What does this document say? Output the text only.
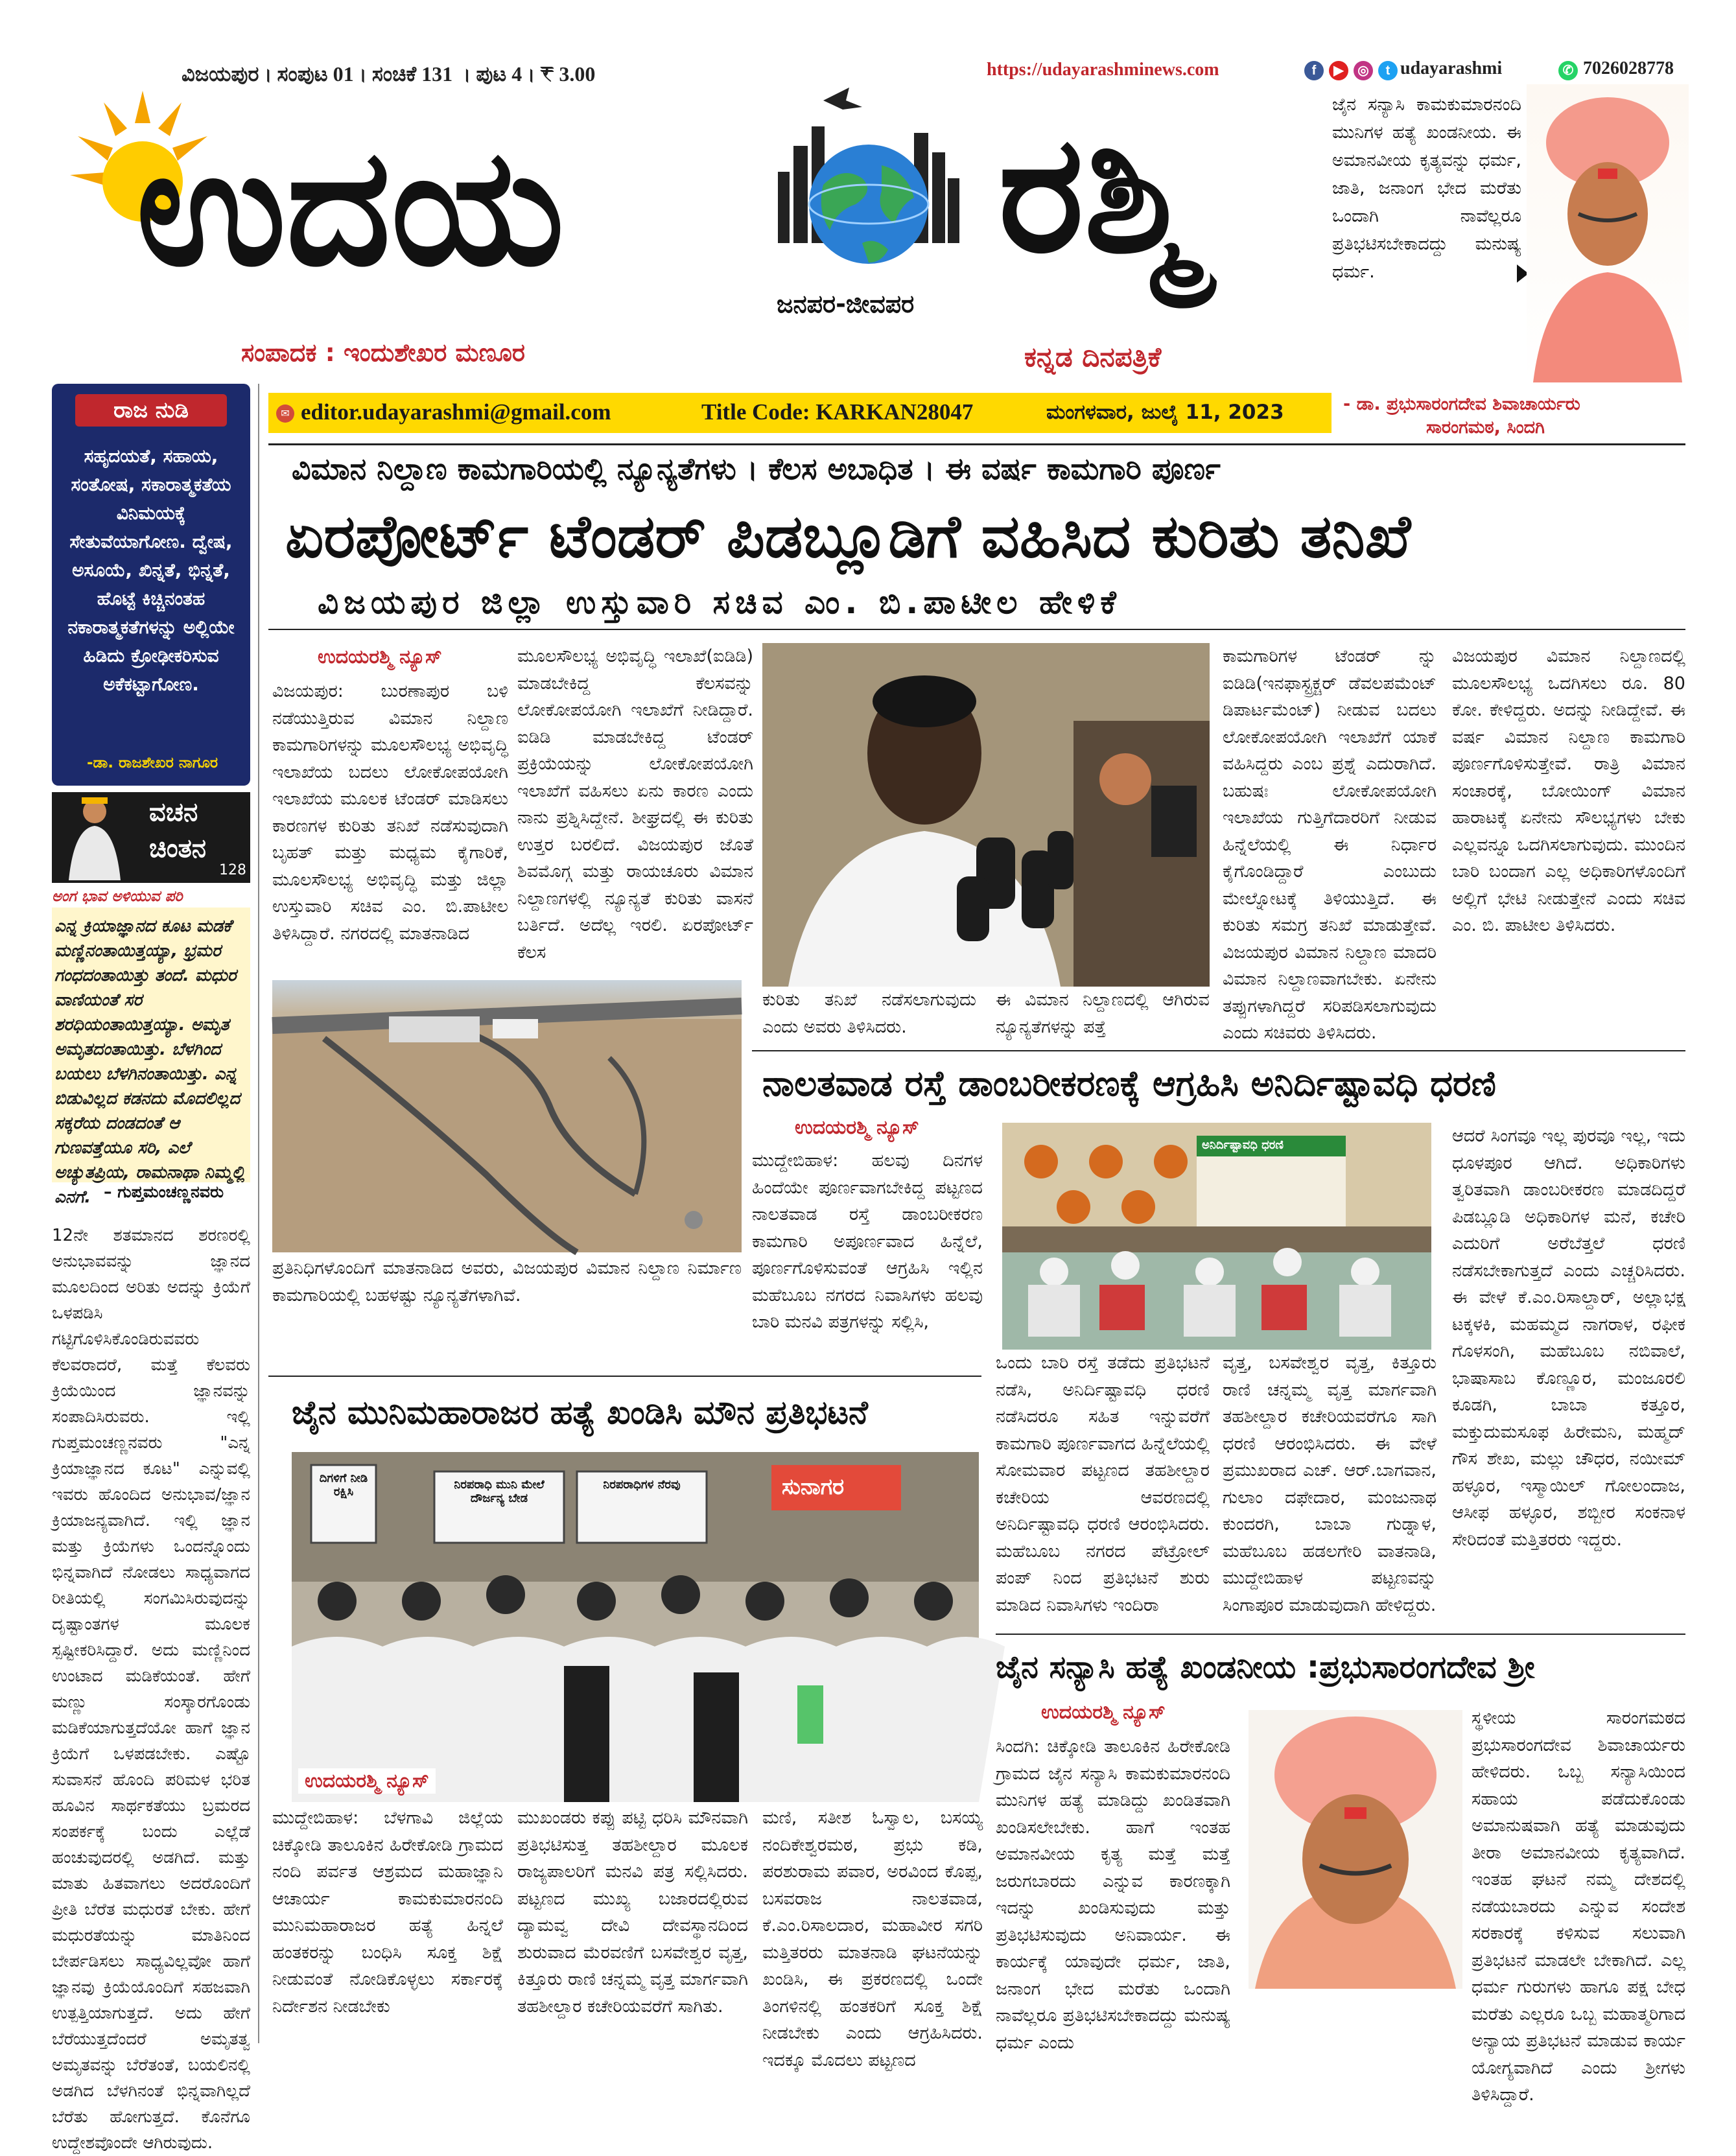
ವಿಜಯಪುರ । ಸಂಪುಟ 01 । ಸಂಚಿಕೆ 131  । ಪುಟ 4 । ₹ 3.00	https://udayarashminews.com	f	▶	◎	t udayarashmi	✆ 7026028778
ಉದಯ	ರಶ್ಮಿ
ಜನಪರ-ಜೀವಪರ
ಸಂಪಾದಕ : ಇಂದುಶೇಖರ ಮಣೂರ	ಕನ್ನಡ ದಿನಪತ್ರಿಕೆ
ಜೈನ ಸನ್ಯಾಸಿ ಕಾಮಕುಮಾರನಂದಿ ಮುನಿಗಳ ಹತ್ಯೆ ಖಂಡನೀಯ. ಈ ಅಮಾನವೀಯ ಕೃತ್ಯವನ್ನು ಧರ್ಮ, ಜಾತಿ, ಜನಾಂಗ ಭೇದ ಮರೆತು ಒಂದಾಗಿ ನಾವೆಲ್ಲರೂ ಪ್ರತಿಭಟಿಸಬೇಕಾದದ್ದು ಮನುಷ್ಯ ಧರ್ಮ.
- ಡಾ. ಪ್ರಭುಸಾರಂಗದೇವ ಶಿವಾಚಾರ್ಯರು
ಸಾರಂಗಮಠ, ಸಿಂದಗಿ
✉ editor.udayarashmi@gmail.com	Title Code: KARKAN28047	ಮಂಗಳವಾರ, ಜುಲೈ 11, 2023
ರಾಜ ನುಡಿ
ಸಹೃದಯತೆ, ಸಹಾಯ, ಸಂತೋಷ, ಸಕಾರಾತ್ಮಕತೆಯ ವಿನಿಮಯಕ್ಕೆ ಸೇತುವೆಯಾಗೋಣ. ದ್ವೇಷ, ಅಸೂಯೆ, ಖಿನ್ನತೆ, ಭಿನ್ನತೆ, ಹೊಟ್ಟೆ ಕಿಚ್ಚಿನಂತಹ ನಕಾರಾತ್ಮಕತೆಗಳನ್ನು ಅಲ್ಲಿಯೇ ಹಿಡಿದು ಕ್ರೋಢೀಕರಿಸುವ ಅಕೆಕಟ್ಟಾಗೋಣ.
-ಡಾ. ರಾಜಶೇಖರ ನಾಗೂರ
ವಚನ
ಚಿಂತನ
128
ಅಂಗ ಭಾವ ಅಳಿಯುವ ಪರಿ
ಎನ್ನ ಕ್ರಿಯಾಜ್ಞಾನದ ಕೂಟ ಮಡಕೆ ಮಣ್ಣಿನಂತಾಯಿತ್ತಯ್ಯಾ, ಭ್ರಮರ ಗಂಧದಂತಾಯಿತ್ತು ತಂದೆ. ಮಧುರ ವಾಣಿಯಂತೆ ಸರ ಶರಧಿಯಂತಾಯಿತ್ತಯ್ಯಾ. ಅಮೃತ ಅಮೃತದಂತಾಯಿತ್ತು. ಬೆಳಗಿಂದ ಬಯಲು ಬೆಳಗಿನಂತಾಯಿತ್ತು. ಎನ್ನ ಬಿಡುವಿಲ್ಲದ ಕಡನದು ಮೊದಲಿಲ್ಲದ ಸಕ್ಕರೆಯ ದಂಡದಂತೆ ಆ ಗುಣವತ್ತೆಯೂ ಸರಿ, ಎಲೆ ಅಚ್ಯುತಪ್ರಿಯ, ರಾಮನಾಥಾ ನಿಮ್ಮಲ್ಲಿ ಎನಗೆ. – ಗುಪ್ತಮಂಚಣ್ಣನವರು
12ನೇ ಶತಮಾನದ ಶರಣರಲ್ಲಿ ಅನುಭಾವವನ್ನು ಜ್ಞಾನದ ಮೂಲದಿಂದ ಅರಿತು ಅದನ್ನು ಕ್ರಿಯೆಗೆ ಒಳಪಡಿಸಿ ಗಟ್ಟಿಗೊಳಿಸಿಕೊಂಡಿರುವವರು ಕೆಲವರಾದರೆ, ಮತ್ತೆ ಕೆಲವರು ಕ್ರಿಯೆಯಿಂದ ಜ್ಞಾನವನ್ನು ಸಂಪಾದಿಸಿರುವರು. ಇಲ್ಲಿ ಗುಪ್ತಮಂಚಣ್ಣನವರು "ಎನ್ನ ಕ್ರಿಯಾಜ್ಞಾನದ ಕೂಟ" ಎನ್ನುವಲ್ಲಿ ಇವರು ಹೊಂದಿದ ಅನುಭಾವ/ಜ್ಞಾನ ಕ್ರಿಯಾಜನ್ಯವಾಗಿದೆ. ಇಲ್ಲಿ ಜ್ಞಾನ ಮತ್ತು ಕ್ರಿಯೆಗಳು ಒಂದನ್ನೊಂದು ಭಿನ್ನವಾಗಿದೆ ನೋಡಲು ಸಾಧ್ಯವಾಗದ ರೀತಿಯಲ್ಲಿ ಸಂಗಮಿಸಿರುವುದನ್ನು ದೃಷ್ಟಾಂತಗಳ ಮೂಲಕ ಸ್ಪಷ್ಟೀಕರಿಸಿದ್ದಾರೆ. ಅದು ಮಣ್ಣಿನಿಂದ ಉಂಟಾದ ಮಡಿಕೆಯಂತೆ. ಹೇಗೆ ಮಣ್ಣು ಸಂಸ್ಕಾರಗೊಂಡು ಮಡಿಕೆಯಾಗುತ್ತದೆಯೋ ಹಾಗೆ ಜ್ಞಾನ ಕ್ರಿಯೆಗೆ ಒಳಪಡಬೇಕು. ಎಷ್ಟೊ ಸುವಾಸನೆ ಹೊಂದಿ ಪರಿಮಳ ಭರಿತ ಹೂವಿನ ಸಾರ್ಥಕತೆಯು ಬ್ರಮರದ ಸಂಪರ್ಕಕ್ಕೆ ಬಂದು ಎಲ್ಲೆಡೆ ಹಂಚುವುದರಲ್ಲಿ ಅಡಗಿದೆ. ಮತ್ತು ಮಾತು ಹಿತವಾಗಲು ಅದರೊಂದಿಗೆ ಪ್ರೀತಿ ಬೆರೆತ ಮಧುರತೆ ಬೇಕು. ಹೇಗೆ ಮಧುರತೆಯನ್ನು ಮಾತಿನಿಂದ ಬೇರ್ಪಡಿಸಲು ಸಾಧ್ಯವಿಲ್ಲವೋ ಹಾಗೆ ಜ್ಞಾನವು ಕ್ರಿಯೆಯೊಂದಿಗೆ ಸಹಜವಾಗಿ ಉತ್ಪತ್ತಿಯಾಗುತ್ತದೆ. ಅದು ಹೇಗೆ ಬೆರೆಯುತ್ತದೆಂದರೆ ಅಮೃತತ್ವ ಅಮೃತವನ್ನು ಬೆರೆತಂತೆ, ಬಯಲಿನಲ್ಲಿ ಅಡಗಿದ ಬೆಳಗಿನಂತೆ ಭಿನ್ನವಾಗಿಲ್ಲದೆ ಬೆರೆತು ಹೋಗುತ್ತದೆ. ಕೊನೆಗೂ ಉದ್ದೇಶವೊಂದೇ ಆಗಿರುವುದು.
ವಿಮಾನ ನಿಲ್ದಾಣ ಕಾಮಗಾರಿಯಲ್ಲಿ ನ್ಯೂನ್ಯತೆಗಳು । ಕೆಲಸ ಅಬಾಧಿತ । ಈ ವರ್ಷ ಕಾಮಗಾರಿ ಪೂರ್ಣ
ಏರಪೋರ್ಟ್ ಟೆಂಡರ್ ಪಿಡಬ್ಲೂಡಿಗೆ ವಹಿಸಿದ ಕುರಿತು ತನಿಖೆ
ವಿಜಯಪುರ ಜಿಲ್ಲಾ ಉಸ್ತುವಾರಿ ಸಚಿವ ಎಂ. ಬಿ.ಪಾಟೀಲ ಹೇಳಿಕೆ
ಉದಯರಶ್ಮಿ ನ್ಯೂಸ್
ವಿಜಯಪುರ: ಬುರಣಾಪುರ ಬಳಿ ನಡೆಯುತ್ತಿರುವ ವಿಮಾನ ನಿಲ್ದಾಣ ಕಾಮಗಾರಿಗಳನ್ನು ಮೂಲಸೌಲಭ್ಯ ಅಭಿವೃದ್ಧಿ ಇಲಾಖೆಯ ಬದಲು ಲೋಕೋಪಯೋಗಿ ಇಲಾಖೆಯ ಮೂಲಕ ಟೆಂಡರ್ ಮಾಡಿಸಲು ಕಾರಣಗಳ ಕುರಿತು ತನಿಖೆ ನಡೆಸುವುದಾಗಿ ಬೃಹತ್ ಮತ್ತು ಮಧ್ಯಮ ಕೈಗಾರಿಕೆ, ಮೂಲಸೌಲಭ್ಯ ಅಭಿವೃದ್ಧಿ ಮತ್ತು ಜಿಲ್ಲಾ ಉಸ್ತುವಾರಿ ಸಚಿವ ಎಂ. ಬಿ.ಪಾಟೀಲ ತಿಳಿಸಿದ್ದಾರೆ. ನಗರದಲ್ಲಿ ಮಾತನಾಡಿದ
ಪ್ರತಿನಿಧಿಗಳೊಂದಿಗೆ ಮಾತನಾಡಿದ ಅವರು, ವಿಜಯಪುರ ವಿಮಾನ ನಿಲ್ದಾಣ ನಿರ್ಮಾಣ ಕಾಮಗಾರಿಯಲ್ಲಿ ಬಹಳಷ್ಟು ನ್ಯೂನ್ಯತೆಗಳಾಗಿವೆ.
ಮೂಲಸೌಲಭ್ಯ ಅಭಿವೃದ್ಧಿ ಇಲಾಖೆ(ಐಡಿಡಿ) ಮಾಡಬೇಕಿದ್ದ ಕೆಲಸವನ್ನು ಲೋಕೋಪಯೋಗಿ ಇಲಾಖೆಗೆ ನೀಡಿದ್ದಾರೆ. ಐಡಿಡಿ ಮಾಡಬೇಕಿದ್ದ ಟೆಂಡರ್ ಪ್ರಕ್ರಿಯೆಯನ್ನು ಲೋಕೋಪಯೋಗಿ ಇಲಾಖೆಗೆ ವಹಿಸಲು ಏನು ಕಾರಣ ಎಂದು ನಾನು ಪ್ರಶ್ನಿಸಿದ್ದೇನೆ. ಶೀಘ್ರದಲ್ಲಿ ಈ ಕುರಿತು ಉತ್ತರ ಬರಲಿದೆ. ವಿಜಯಪುರ ಜೊತೆ ಶಿವಮೊಗ್ಗ ಮತ್ತು ರಾಯಚೂರು ವಿಮಾನ ನಿಲ್ದಾಣಗಳಲ್ಲಿ ನ್ಯೂನ್ಯತೆ ಕುರಿತು ವಾಸನೆ ಬರ್ತಿದೆ. ಅದೆಲ್ಲ ಇರಲಿ. ಏರಪೋರ್ಟ್ ಕೆಲಸ
ಕುರಿತು ತನಿಖೆ ನಡೆಸಲಾಗುವುದು ಎಂದು ಅವರು ತಿಳಿಸಿದರು.
ಈ ವಿಮಾನ ನಿಲ್ದಾಣದಲ್ಲಿ ಆಗಿರುವ ನ್ಯೂನ್ಯತೆಗಳನ್ನು ಪತ್ತೆ
ಕಾಮಗಾರಿಗಳ ಟೆಂಡರ್ ನ್ನು ಐಡಿಡಿ(ಇನಫಾಸ್ಟ್ರಕ್ಚರ್ ಡೆವಲಪಮೆಂಟ್ ಡಿಪಾರ್ಟಮೆಂಟ್) ನೀಡುವ ಬದಲು ಲೋಕೋಪಯೋಗಿ ಇಲಾಖೆಗೆ ಯಾಕೆ ವಹಿಸಿದ್ದರು ಎಂಬ ಪ್ರಶ್ನೆ ಎದುರಾಗಿದೆ. ಬಹುಷಃ ಲೋಕೋಪಯೋಗಿ ಇಲಾಖೆಯ ಗುತ್ತಿಗೆದಾರರಿಗೆ ನೀಡುವ ಹಿನ್ನೆಲೆಯಲ್ಲಿ ಈ ನಿರ್ಧಾರ ಕೈಗೊಂಡಿದ್ದಾರೆ ಎಂಬುದು ಮೇಲ್ನೋಟಕ್ಕೆ ತಿಳಿಯುತ್ತಿದೆ. ಈ ಕುರಿತು ಸಮಗ್ರ ತನಿಖೆ ಮಾಡುತ್ತೇವೆ. ವಿಜಯಪುರ ವಿಮಾನ ನಿಲ್ದಾಣ ಮಾದರಿ ವಿಮಾನ ನಿಲ್ದಾಣವಾಗಬೇಕು. ಏನೇನು ತಪ್ಪುಗಳಾಗಿದ್ದರೆ ಸರಿಪಡಿಸಲಾಗುವುದು ಎಂದು ಸಚಿವರು ತಿಳಿಸಿದರು.
ವಿಜಯಪುರ ವಿಮಾನ ನಿಲ್ದಾಣದಲ್ಲಿ ಮೂಲಸೌಲಭ್ಯ ಒದಗಿಸಲು ರೂ. 80 ಕೋ. ಕೇಳಿದ್ದರು. ಅದನ್ನು ನೀಡಿದ್ದೇವೆ. ಈ ವರ್ಷ ವಿಮಾನ ನಿಲ್ದಾಣ ಕಾಮಗಾರಿ ಪೂರ್ಣಗೊಳಿಸುತ್ತೇವೆ. ರಾತ್ರಿ ವಿಮಾನ ಸಂಚಾರಕ್ಕೆ, ಬೋಯಿಂಗ್ ವಿಮಾನ ಹಾರಾಟಕ್ಕೆ ಏನೇನು ಸೌಲಭ್ಯಗಳು ಬೇಕು ಎಲ್ಲವನ್ನೂ ಒದಗಿಸಲಾಗುವುದು. ಮುಂದಿನ ಬಾರಿ ಬಂದಾಗ ಎಲ್ಲ ಅಧಿಕಾರಿಗಳೊಂದಿಗೆ ಅಲ್ಲಿಗೆ ಭೇಟಿ ನೀಡುತ್ತೇನೆ ಎಂದು ಸಚಿವ ಎಂ. ಬಿ. ಪಾಟೀಲ ತಿಳಿಸಿದರು.
ನಾಲತವಾಡ ರಸ್ತೆ ಡಾಂಬರೀಕರಣಕ್ಕೆ ಆಗ್ರಹಿಸಿ ಅನಿರ್ದಿಷ್ಟಾವಧಿ ಧರಣಿ
ಉದಯರಶ್ಮಿ ನ್ಯೂಸ್
ಮುದ್ದೇಬಿಹಾಳ: ಹಲವು ದಿನಗಳ ಹಿಂದೆಯೇ ಪೂರ್ಣವಾಗಬೇಕಿದ್ದ ಪಟ್ಟಣದ ನಾಲತವಾಡ ರಸ್ತೆ ಡಾಂಬರೀಕರಣ ಕಾಮಗಾರಿ ಅಪೂರ್ಣವಾದ ಹಿನ್ನೆಲೆ, ಪೂರ್ಣಗೊಳಿಸುವಂತೆ ಆಗ್ರಹಿಸಿ ಇಲ್ಲಿನ ಮಹೆಬೂಬ ನಗರದ ನಿವಾಸಿಗಳು ಹಲವು ಬಾರಿ ಮನವಿ ಪತ್ರಗಳನ್ನು ಸಲ್ಲಿಸಿ,
ಅನಿರ್ದಿಷ್ಟಾವಧಿ ಧರಣಿ
ಒಂದು ಬಾರಿ ರಸ್ತೆ ತಡೆದು ಪ್ರತಿಭಟನೆ ನಡೆಸಿ, ಅನಿರ್ದಿಷ್ಟಾವಧಿ ಧರಣಿ ನಡೆಸಿದರೂ ಸಹಿತ ಇನ್ನುವರೆಗೆ ಕಾಮಗಾರಿ ಪೂರ್ಣವಾಗದ ಹಿನ್ನೆಲೆಯಲ್ಲಿ ಸೋಮವಾರ ಪಟ್ಟಣದ ತಹಶೀಲ್ದಾರ ಕಚೇರಿಯ ಆವರಣದಲ್ಲಿ ಅನಿರ್ದಿಷ್ಟಾವಧಿ ಧರಣಿ ಆರಂಭಿಸಿದರು. ಮಹೆಬೂಬ ನಗರದ ಪೆಟ್ರೋಲ್ ಪಂಪ್ ನಿಂದ ಪ್ರತಿಭಟನೆ ಶುರು ಮಾಡಿದ ನಿವಾಸಿಗಳು ಇಂದಿರಾ
ವೃತ್ತ, ಬಸವೇಶ್ವರ ವೃತ್ತ, ಕಿತ್ತೂರು ರಾಣಿ ಚನ್ನಮ್ಮ ವೃತ್ತ ಮಾರ್ಗವಾಗಿ ತಹಶೀಲ್ದಾರ ಕಚೇರಿಯವರೆಗೂ ಸಾಗಿ ಧರಣಿ ಆರಂಭಿಸಿದರು. ಈ ವೇಳೆ ಪ್ರಮುಖರಾದ ಎಚ್. ಆರ್.ಬಾಗವಾನ, ಗುಲಾಂ ದಫೇದಾರ, ಮಂಜುನಾಥ ಕುಂದರಗಿ, ಬಾಬಾ ಗುಡ್ನಾಳ, ಮಹೆಬೂಬ ಹಡಲಗೇರಿ ವಾತನಾಡಿ, ಮುದ್ದೇಬಿಹಾಳ ಪಟ್ಟಣವನ್ನು ಸಿಂಗಾಪೂರ ಮಾಡುವುದಾಗಿ ಹೇಳಿದ್ದರು.
ಆದರೆ ಸಿಂಗವೂ ಇಲ್ಲ ಪುರವೂ ಇಲ್ಲ, ಇದು ಧೂಳಪೂರ ಆಗಿದೆ. ಅಧಿಕಾರಿಗಳು ತ್ವರಿತವಾಗಿ ಡಾಂಬರೀಕರಣ ಮಾಡದಿದ್ದರೆ ಪಿಡಬ್ಲೂಡಿ ಅಧಿಕಾರಿಗಳ ಮನೆ, ಕಚೇರಿ ಎದುರಿಗೆ ಅರೆಬೆತ್ತಲೆ ಧರಣಿ ನಡೆಸಬೇಕಾಗುತ್ತದೆ ಎಂದು ಎಚ್ಚರಿಸಿದರು. ಈ ವೇಳೆ ಕೆ.ಎಂ.ರಿಸಾಲ್ದಾರ್, ಅಲ್ಲಾಭಕ್ಷ ಟಕ್ಕಳಕಿ, ಮಹಮ್ಮದ ನಾಗರಾಳ, ರಫೀಕ ಗೊಳಸಂಗಿ, ಮಹೆಬೂಬ ನಬಿವಾಲೆ, ಭಾಷಾಸಾಬ ಕೊಣ್ಣೂರ, ಮಂಜೂರಲಿ ಕೂಡಗಿ, ಬಾಬಾ ಕತ್ತೂರ, ಮಕ್ತುದುಮಸೂಫ ಹಿರೇಮನಿ, ಮಹ್ಮದ್ ಗೌಸ ಶೇಖ, ಮಲ್ಲು ಚೌಧರ, ನಯೀಮ್ ಹಳ್ಳೂರ, ಇಸ್ಮಾಯಿಲ್ ಗೋಲಂದಾಜ, ಆಸೀಫ ಹಳ್ಳೂರ, ಶಬ್ಬೀರ ಸಂಕನಾಳ ಸೇರಿದಂತೆ ಮತ್ತಿತರರು ಇದ್ದರು.
ಜೈನ ಮುನಿಮಹಾರಾಜರ ಹತ್ಯೆ ಖಂಡಿಸಿ ಮೌನ ಪ್ರತಿಭಟನೆ
ದಿಗಳಿಗೆ ನೀಡಿ ರಕ್ಷಿಸಿ
ನಿರಪರಾಧಿ ಮುನಿ ಮೇಲೆ ದೌರ್ಜನ್ಯ ಬೇಡ
ನಿರಪರಾಧಿಗಳ ನೆರವು	ಸುನಾಗರ
ಉದಯರಶ್ಮಿ ನ್ಯೂಸ್
ಮುದ್ದೇಬಿಹಾಳ: ಬೆಳಗಾವಿ ಜಿಲ್ಲೆಯ ಚಿಕ್ಕೋಡಿ ತಾಲೂಕಿನ ಹಿರೇಕೋಡಿ ಗ್ರಾಮದ ನಂದಿ ಪರ್ವತ ಆಶ್ರಮದ ಮಹಾಜ್ಞಾನಿ ಆಚಾರ್ಯ ಕಾಮಕುಮಾರನಂದಿ ಮುನಿಮಹಾರಾಜರ ಹತ್ಯೆ ಹಿನ್ನಲೆ ಹಂತಕರನ್ನು ಬಂಧಿಸಿ ಸೂಕ್ತ ಶಿಕ್ಷೆ ನೀಡುವಂತೆ ನೋಡಿಕೊಳ್ಳಲು ಸರ್ಕಾರಕ್ಕೆ ನಿರ್ದೇಶನ ನೀಡಬೇಕು
ಮುಖಂಡರು ಕಪ್ಪು ಪಟ್ಟಿ ಧರಿಸಿ ಮೌನವಾಗಿ ಪ್ರತಿಭಟಿಸುತ್ತ ತಹಶೀಲ್ದಾರ ಮೂಲಕ ರಾಜ್ಯಪಾಲರಿಗೆ ಮನವಿ ಪತ್ರ ಸಲ್ಲಿಸಿದರು. ಪಟ್ಟಣದ ಮುಖ್ಯ ಬಜಾರದಲ್ಲಿರುವ ದ್ಯಾಮವ್ವ ದೇವಿ ದೇವಸ್ಥಾನದಿಂದ ಶುರುವಾದ ಮೆರವಣಿಗೆ ಬಸವೇಶ್ವರ ವೃತ್ತ, ಕಿತ್ತೂರು ರಾಣಿ ಚನ್ನಮ್ಮ ವೃತ್ತ ಮಾರ್ಗವಾಗಿ ತಹಶೀಲ್ದಾರ ಕಚೇರಿಯವರೆಗೆ ಸಾಗಿತು.
ಮಣಿ, ಸತೀಶ ಓಸ್ವಾಲ, ಬಸಯ್ಯ ನಂದಿಕೇಶ್ವರಮಠ, ಪ್ರಭು ಕಡಿ, ಪರಶುರಾಮ ಪವಾರ, ಅರವಿಂದ ಕೊಪ್ಪ, ಬಸವರಾಜ ನಾಲತವಾಡ, ಕೆ.ಎಂ.ರಿಸಾಲದಾರ, ಮಹಾವೀರ ಸಗರಿ ಮತ್ತಿತರರು ಮಾತನಾಡಿ ಘಟನೆಯನ್ನು ಖಂಡಿಸಿ, ಈ ಪ್ರಕರಣದಲ್ಲಿ ಒಂದೇ ತಿಂಗಳಿನಲ್ಲಿ ಹಂತಕರಿಗೆ ಸೂಕ್ತ ಶಿಕ್ಷೆ ನೀಡಬೇಕು ಎಂದು ಆಗ್ರಹಿಸಿದರು. ಇದಕ್ಕೂ ಮೊದಲು ಪಟ್ಟಣದ
ಜೈನ ಸನ್ಯಾಸಿ ಹತ್ಯೆ ಖಂಡನೀಯ :ಪ್ರಭುಸಾರಂಗದೇವ ಶ್ರೀ
ಉದಯರಶ್ಮಿ ನ್ಯೂಸ್
ಸಿಂದಗಿ: ಚಿಕ್ಕೋಡಿ ತಾಲೂಕಿನ ಹಿರೇಕೋಡಿ ಗ್ರಾಮದ ಜೈನ ಸನ್ಯಾಸಿ ಕಾಮಕುಮಾರನಂದಿ ಮುನಿಗಳ ಹತ್ಯೆ ಮಾಡಿದ್ದು ಖಂಡಿತವಾಗಿ ಖಂಡಿಸಲೇಬೇಕು. ಹಾಗೆ ಇಂತಹ ಅಮಾನವೀಯ ಕೃತ್ಯ ಮತ್ತೆ ಮತ್ತೆ ಜರುಗಬಾರದು ಎನ್ನುವ ಕಾರಣಕ್ಕಾಗಿ ಇದನ್ನು ಖಂಡಿಸುವುದು ಮತ್ತು ಪ್ರತಿಭಟಿಸುವುದು ಅನಿವಾರ್ಯ. ಈ ಕಾರ್ಯಕ್ಕೆ ಯಾವುದೇ ಧರ್ಮ, ಜಾತಿ, ಜನಾಂಗ ಭೇದ ಮರೆತು ಒಂದಾಗಿ ನಾವೆಲ್ಲರೂ ಪ್ರತಿಭಟಿಸಬೇಕಾದದ್ದು ಮನುಷ್ಯ ಧರ್ಮ ಎಂದು
ಸ್ಥಳೀಯ ಸಾರಂಗಮಠದ ಪ್ರಭುಸಾರಂಗದೇವ ಶಿವಾಚಾರ್ಯರು ಹೇಳಿದರು. ಒಬ್ಬ ಸನ್ಯಾಸಿಯಿಂದ ಸಹಾಯ ಪಡೆದುಕೊಂಡು ಅಮಾನುಷವಾಗಿ ಹತ್ಯೆ ಮಾಡುವುದು ತೀರಾ ಅಮಾನವೀಯ ಕೃತ್ಯವಾಗಿದೆ. ಇಂತಹ ಘಟನೆ ನಮ್ಮ ದೇಶದಲ್ಲಿ ನಡೆಯಬಾರದು ಎನ್ನುವ ಸಂದೇಶ ಸರಕಾರಕ್ಕೆ ಕಳಿಸುವ ಸಲುವಾಗಿ ಪ್ರತಿಭಟನೆ ಮಾಡಲೇ ಬೇಕಾಗಿದೆ. ಎಲ್ಲ ಧರ್ಮ ಗುರುಗಳು ಹಾಗೂ ಪಕ್ಷ ಬೇಧ ಮರೆತು ಎಲ್ಲರೂ ಒಬ್ಬ ಮಹಾತ್ಮರಿಗಾದ ಅನ್ಯಾಯ ಪ್ರತಿಭಟನೆ ಮಾಡುವ ಕಾರ್ಯ ಯೋಗ್ಯವಾಗಿದೆ ಎಂದು ಶ್ರೀಗಳು ತಿಳಿಸಿದ್ದಾರೆ.
